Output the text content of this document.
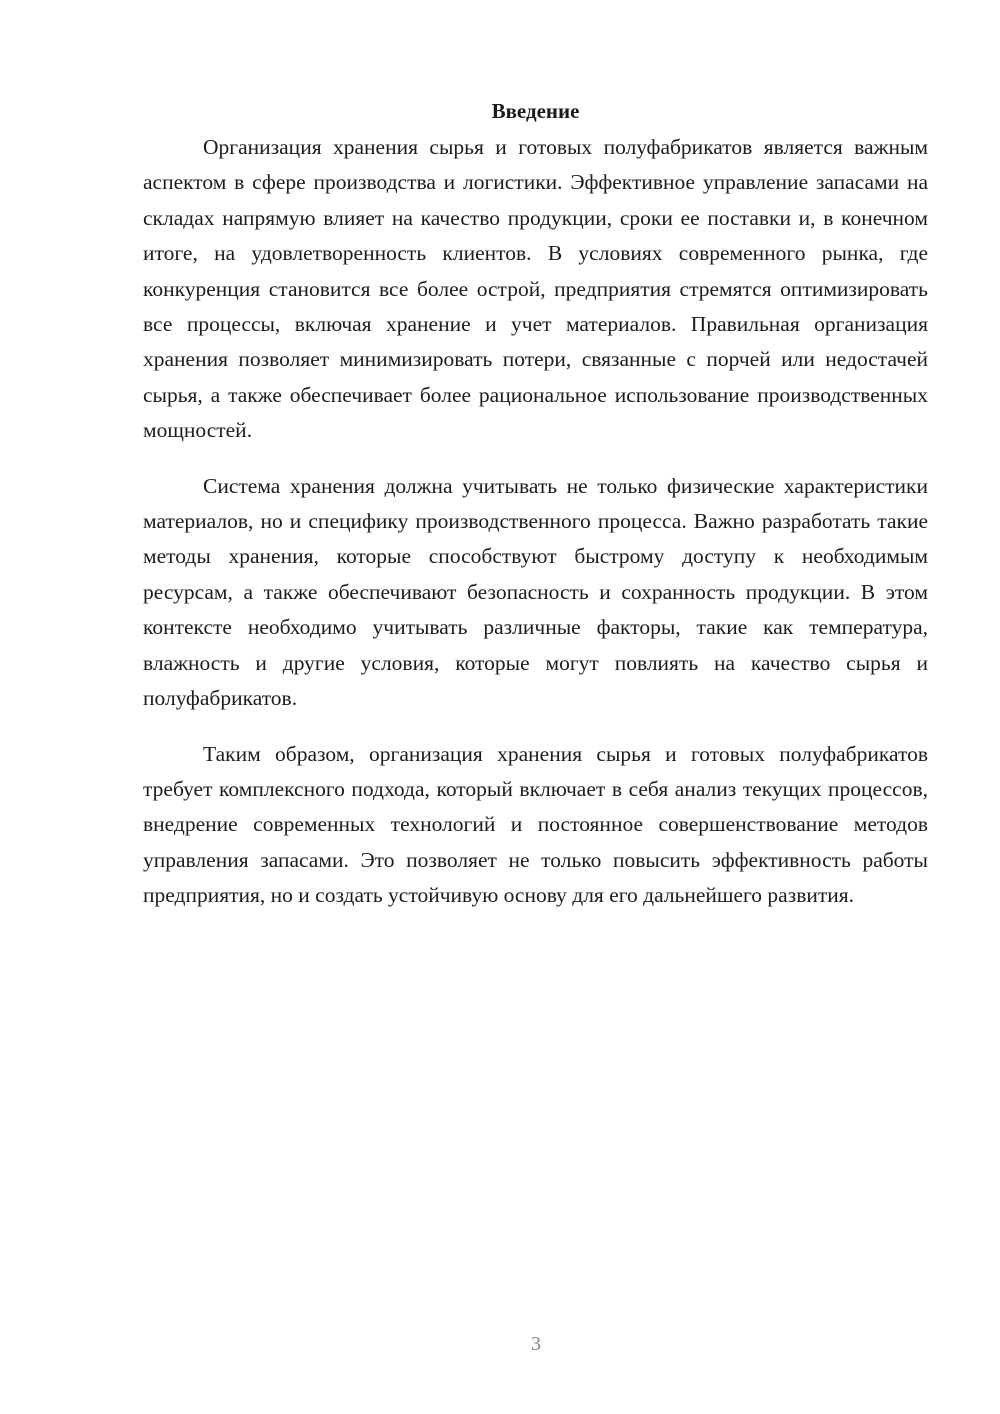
Введение

Организация хранения сырья и готовых полуфабрикатов является важным аспектом в сфере производства и логистики. Эффективное управление запасами на складах напрямую влияет на качество продукции, сроки ее поставки и, в конечном итоге, на удовлетворенность клиентов. В условиях современного рынка, где конкуренция становится все более острой, предприятия стремятся оптимизировать все процессы, включая хранение и учет материалов. Правильная организация хранения позволяет минимизировать потери, связанные с порчей или недостачей сырья, а также обеспечивает более рациональное использование производственных мощностей.

Система хранения должна учитывать не только физические характеристики материалов, но и специфику производственного процесса. Важно разработать такие методы хранения, которые способствуют быстрому доступу к необходимым ресурсам, а также обеспечивают безопасность и сохранность продукции. В этом контексте необходимо учитывать различные факторы, такие как температура, влажность и другие условия, которые могут повлиять на качество сырья и полуфабрикатов.

Таким образом, организация хранения сырья и готовых полуфабрикатов требует комплексного подхода, который включает в себя анализ текущих процессов, внедрение современных технологий и постоянное совершенствование методов управления запасами. Это позволяет не только повысить эффективность работы предприятия, но и создать устойчивую основу для его дальнейшего развития.

3
